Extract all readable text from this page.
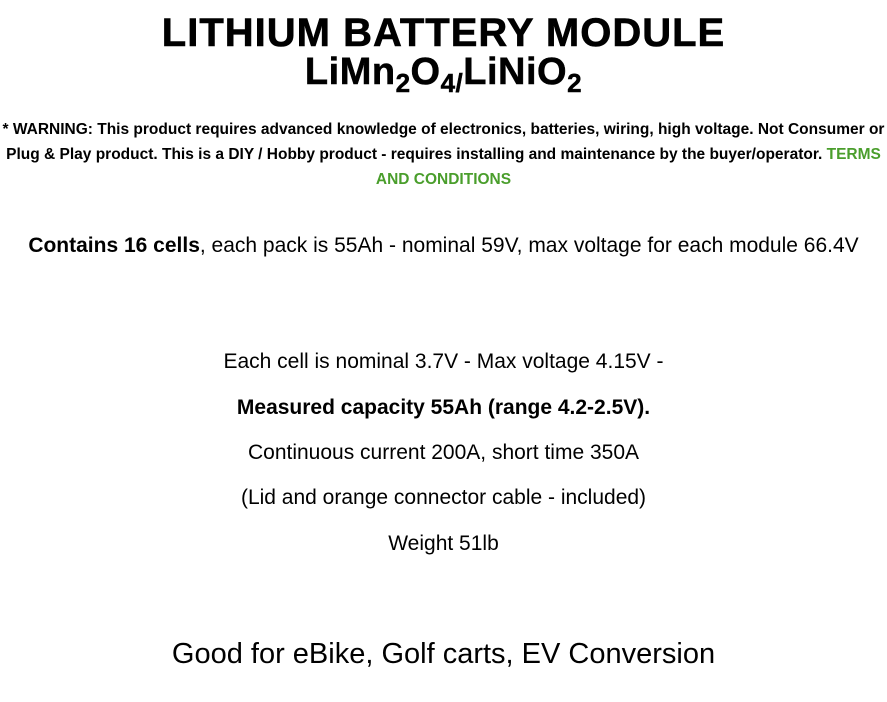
LITHIUM BATTERY MODULE
$LiMn_2O_{4/}LiNiO_2$
* WARNING: This product requires advanced knowledge of electronics, batteries, wiring, high voltage. Not Consumer or Plug & Play product. This is a DIY / Hobby product - requires installing and maintenance by the buyer/operator. TERMS AND CONDITIONS
Contains 16 cells, each pack is 55Ah - nominal 59V, max voltage for each module 66.4V
Each cell is nominal 3.7V - Max voltage 4.15V -
Measured capacity 55Ah (range 4.2-2.5V).
Continuous current 200A, short time 350A
(Lid and orange connector cable - included)
Weight 51lb
Good for eBike, Golf carts, EV Conversion
